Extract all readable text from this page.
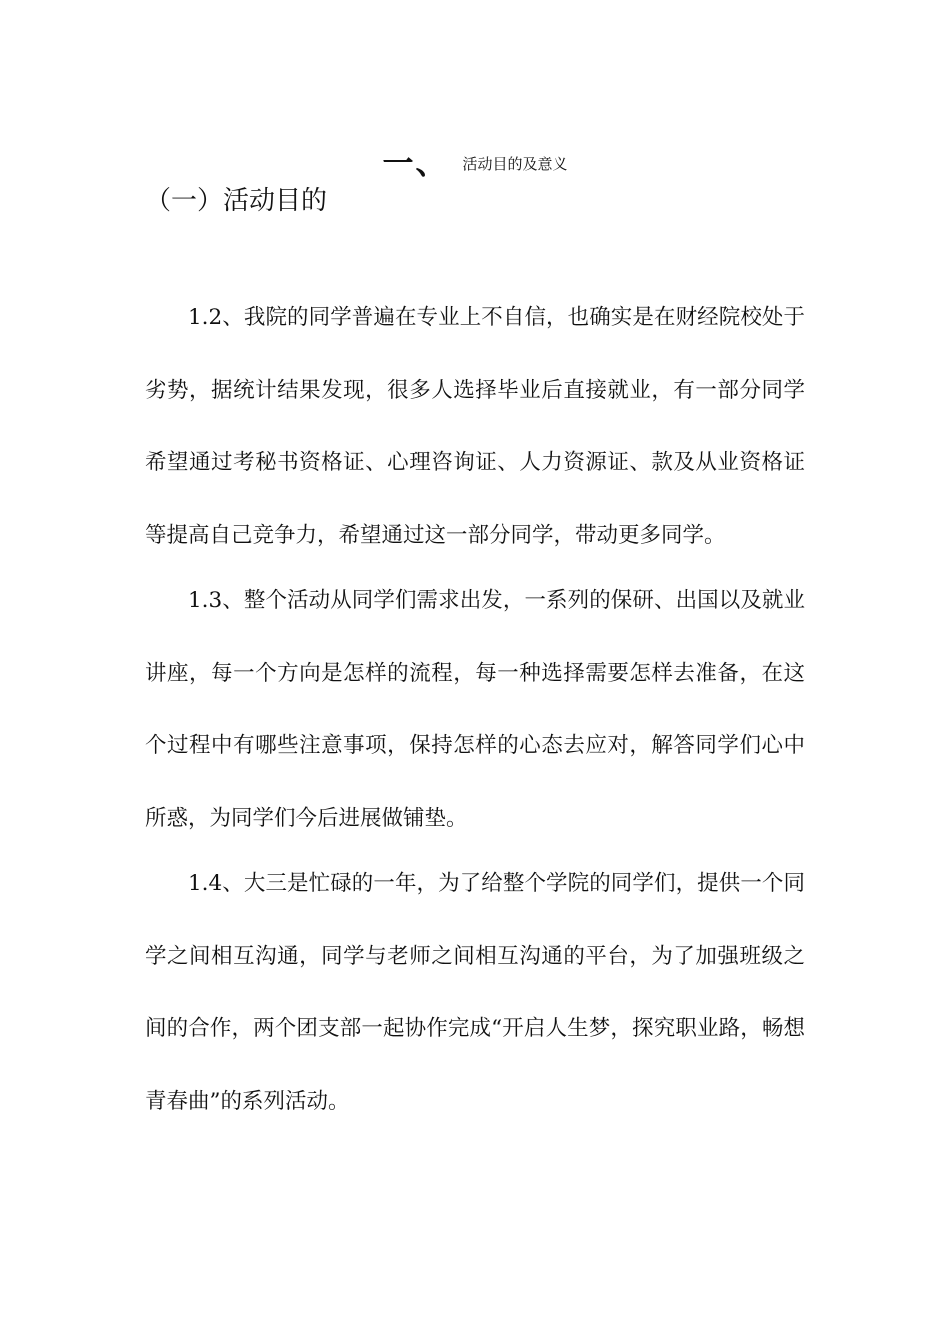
一、 活动目的及意义
（一）活动目的

1.2、我院的同学普遍在专业上不自信，也确实是在财经院校处于劣势，据统计结果发现，很多人选择毕业后直接就业，有一部分同学希望通过考秘书资格证、心理咨询证、人力资源证、款及从业资格证等提高自己竞争力，希望通过这一部分同学，带动更多同学。

1.3、整个活动从同学们需求出发，一系列的保研、出国以及就业讲座，每一个方向是怎样的流程，每一种选择需要怎样去准备，在这个过程中有哪些注意事项，保持怎样的心态去应对，解答同学们心中所惑，为同学们今后进展做铺垫。

1.4、大三是忙碌的一年，为了给整个学院的同学们，提供一个同学之间相互沟通，同学与老师之间相互沟通的平台，为了加强班级之间的合作，两个团支部一起协作完成“开启人生梦，探究职业路，畅想青春曲”的系列活动。
